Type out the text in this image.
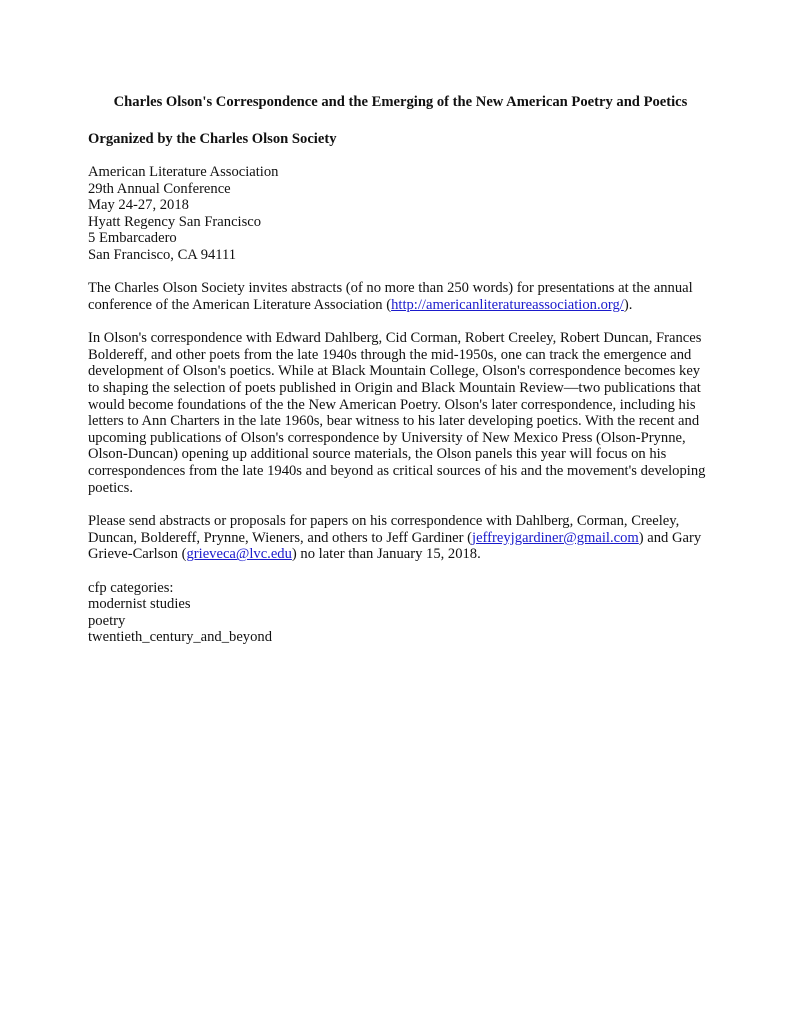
Charles Olson's Correspondence and the Emerging of the New American Poetry and Poetics
Organized by the Charles Olson Society
American Literature Association
29th Annual Conference
May 24-27, 2018
Hyatt Regency San Francisco
5 Embarcadero
San Francisco, CA 94111

The Charles Olson Society invites abstracts (of no more than 250 words) for presentations at the annual conference of the American Literature Association (http://americanliteratureassociation.org/).

In Olson's correspondence with Edward Dahlberg, Cid Corman, Robert Creeley, Robert Duncan, Frances Boldereff, and other poets from the late 1940s through the mid-1950s, one can track the emergence and development of Olson's poetics. While at Black Mountain College, Olson's correspondence becomes key to shaping the selection of poets published in Origin and Black Mountain Review—two publications that would become foundations of the the New American Poetry. Olson's later correspondence, including his letters to Ann Charters in the late 1960s, bear witness to his later developing poetics. With the recent and upcoming publications of Olson's correspondence by University of New Mexico Press (Olson-Prynne, Olson-Duncan) opening up additional source materials, the Olson panels this year will focus on his correspondences from the late 1940s and beyond as critical sources of his and the movement's developing poetics.

Please send abstracts or proposals for papers on his correspondence with Dahlberg, Corman, Creeley, Duncan, Boldereff, Prynne, Wieners, and others to Jeff Gardiner (jeffreyjgardiner@gmail.com) and Gary Grieve-Carlson (grieveca@lvc.edu) no later than January 15, 2018.

cfp categories:
modernist studies
poetry
twentieth_century_and_beyond
